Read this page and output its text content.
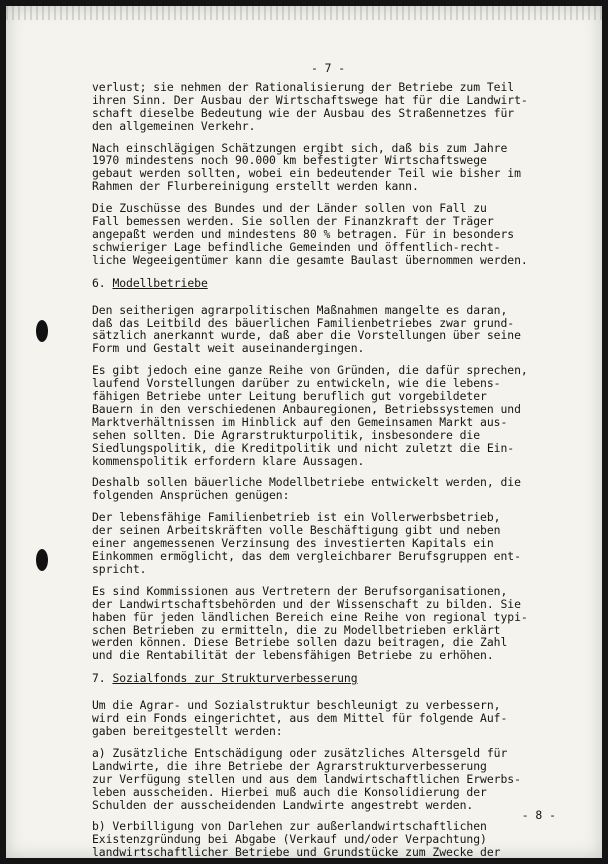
- 7 -

verlust; sie nehmen der Rationalisierung der Betriebe zum Teil

ihren Sinn. Der Ausbau der Wirtschaftswege hat für die Landwirt-

schaft dieselbe Bedeutung wie der Ausbau des Straßennetzes für

den allgemeinen Verkehr.

Nach einschlägigen Schätzungen ergibt sich, daß bis zum Jahre

1970 mindestens noch 90.000 km befestigter Wirtschaftswege

gebaut werden sollten, wobei ein bedeutender Teil wie bisher im

Rahmen der Flurbereinigung erstellt werden kann.

Die Zuschüsse des Bundes und der Länder sollen von Fall zu

Fall bemessen werden. Sie sollen der Finanzkraft der Träger

angepaßt werden und mindestens 80 % betragen. Für in besonders

schwieriger Lage befindliche Gemeinden und öffentlich-recht-

liche Wegeeigentümer kann die gesamte Baulast übernommen werden.

6. Modellbetriebe

Den seitherigen agrarpolitischen Maßnahmen mangelte es daran,

daß das Leitbild des bäuerlichen Familienbetriebes zwar grund-

sätzlich anerkannt wurde, daß aber die Vorstellungen über seine

Form und Gestalt weit auseinandergingen.

Es gibt jedoch eine ganze Reihe von Gründen, die dafür sprechen,

laufend Vorstellungen darüber zu entwickeln, wie die lebens-

fähigen Betriebe unter Leitung beruflich gut vorgebildeter

Bauern in den verschiedenen Anbauregionen, Betriebssystemen und

Marktverhältnissen im Hinblick auf den Gemeinsamen Markt aus-

sehen sollten. Die Agrarstrukturpolitik, insbesondere die

Siedlungspolitik, die Kreditpolitik und nicht zuletzt die Ein-

kommenspolitik erfordern klare Aussagen.

Deshalb sollen bäuerliche Modellbetriebe entwickelt werden, die

folgenden Ansprüchen genügen:

Der lebensfähige Familienbetrieb ist ein Vollerwerbsbetrieb,

der seinen Arbeitskräften volle Beschäftigung gibt und neben

einer angemessenen Verzinsung des investierten Kapitals ein

Einkommen ermöglicht, das dem vergleichbarer Berufsgruppen ent-

spricht.

Es sind Kommissionen aus Vertretern der Berufsorganisationen,

der Landwirtschaftsbehörden und der Wissenschaft zu bilden. Sie

haben für jeden ländlichen Bereich eine Reihe von regional typi-

schen Betrieben zu ermitteln, die zu Modellbetrieben erklärt

werden können. Diese Betriebe sollen dazu beitragen, die Zahl

und die Rentabilität der lebensfähigen Betriebe zu erhöhen.

7. Sozialfonds zur Strukturverbesserung

Um die Agrar- und Sozialstruktur beschleunigt zu verbessern,

wird ein Fonds eingerichtet, aus dem Mittel für folgende Auf-

gaben bereitgestellt werden:

a) Zusätzliche Entschädigung oder zusätzliches Altersgeld für

Landwirte, die ihre Betriebe der Agrarstrukturverbesserung

zur Verfügung stellen und aus dem landwirtschaftlichen Erwerbs-

leben ausscheiden. Hierbei muß auch die Konsolidierung der

Schulden der ausscheidenden Landwirte angestrebt werden.

b) Verbilligung von Darlehen zur außerlandwirtschaftlichen

Existenzgründung bei Abgabe (Verkauf und/oder Verpachtung)

landwirtschaftlicher Betriebe und Grundstücke zum Zwecke der

- 8 -
